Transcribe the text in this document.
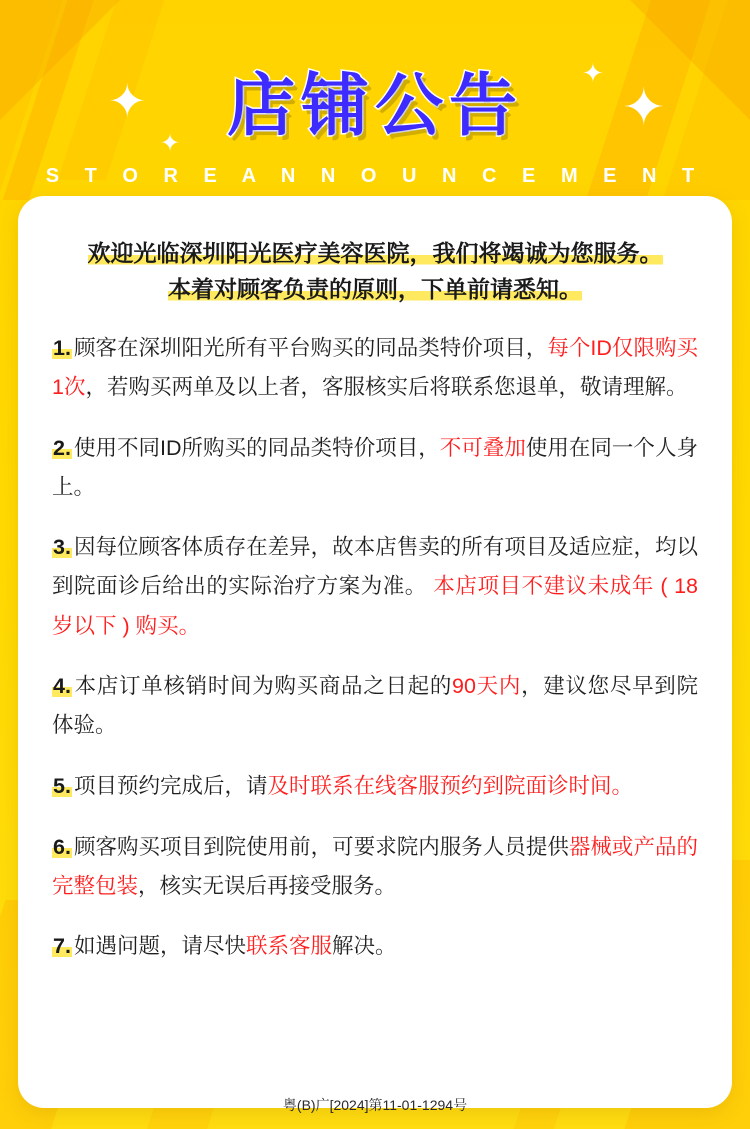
✦
✦
✦
✦
店铺公告
S T O R E A N N O U N C E M E N T
欢迎光临深圳阳光医疗美容医院，我们将竭诚为您服务。
本着对顾客负责的原则，下单前请悉知。

1. 顾客在深圳阳光所有平台购买的同品类特价项目，每个ID仅限购买1次，若购买两单及以上者，客服核实后将联系您退单，敬请理解。

2. 使用不同ID所购买的同品类特价项目，不可叠加使用在同一个人身上。

3. 因每位顾客体质存在差异，故本店售卖的所有项目及适应症，均以到院面诊后给出的实际治疗方案为准。 本店项目不建议未成年 ( 18岁以下 ) 购买。

4. 本店订单核销时间为购买商品之日起的90天内，建议您尽早到院体验。

5. 项目预约完成后，请及时联系在线客服预约到院面诊时间。

6. 顾客购买项目到院使用前，可要求院内服务人员提供器械或产品的完整包装，核实无误后再接受服务。

7. 如遇问题，请尽快联系客服解决。

粤(B)广[2024]第11-01-1294号
